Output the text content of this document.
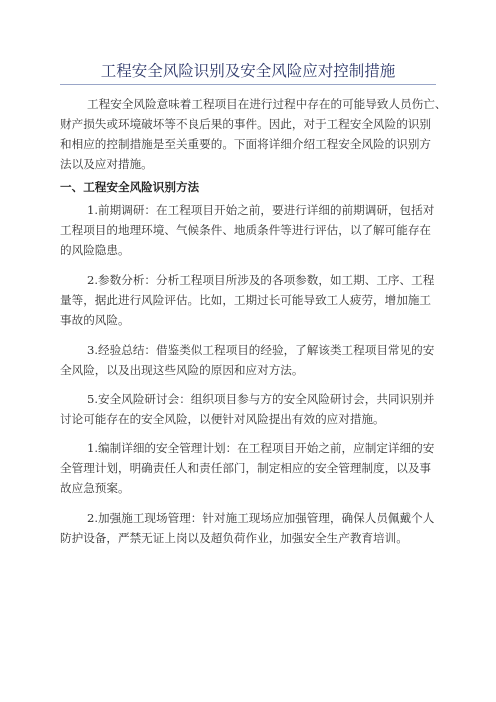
工程安全风险识别及安全风险应对控制措施
工程安全风险意味着工程项目在进行过程中存在的可能导致人员伤亡、
财产损失或环境破坏等不良后果的事件。因此，对于工程安全风险的识别
和相应的控制措施是至关重要的。下面将详细介绍工程安全风险的识别方
法以及应对措施。
一、工程安全风险识别方法
1.前期调研：在工程项目开始之前，要进行详细的前期调研，包括对
工程项目的地理环境、气候条件、地质条件等进行评估，以了解可能存在
的风险隐患。
2.参数分析：分析工程项目所涉及的各项参数，如工期、工序、工程
量等，据此进行风险评估。比如，工期过长可能导致工人疲劳，增加施工
事故的风险。
3.经验总结：借鉴类似工程项目的经验，了解该类工程项目常见的安
全风险，以及出现这些风险的原因和应对方法。
5.安全风险研讨会：组织项目参与方的安全风险研讨会，共同识别并
讨论可能存在的安全风险，以便针对风险提出有效的应对措施。
1.编制详细的安全管理计划：在工程项目开始之前，应制定详细的安
全管理计划，明确责任人和责任部门，制定相应的安全管理制度，以及事
故应急预案。
2.加强施工现场管理：针对施工现场应加强管理，确保人员佩戴个人
防护设备，严禁无证上岗以及超负荷作业，加强安全生产教育培训。
